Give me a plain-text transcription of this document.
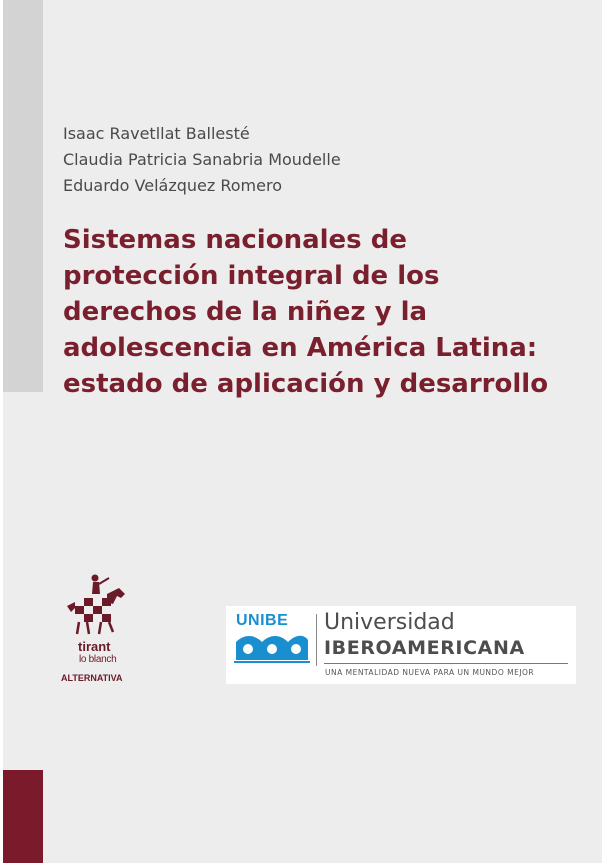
Isaac Ravetllat Ballesté
Claudia Patricia Sanabria Moudelle
Eduardo Velázquez Romero
Sistemas nacionales de
protección integral de los
derechos de la niñez y la
adolescencia en América Latina:
estado de aplicación y desarrollo
tirant
lo blanch
ALTERNATIVA
UNIBE Universidad
IBEROAMERICANA
UNA MENTALIDAD NUEVA PARA UN MUNDO MEJOR
